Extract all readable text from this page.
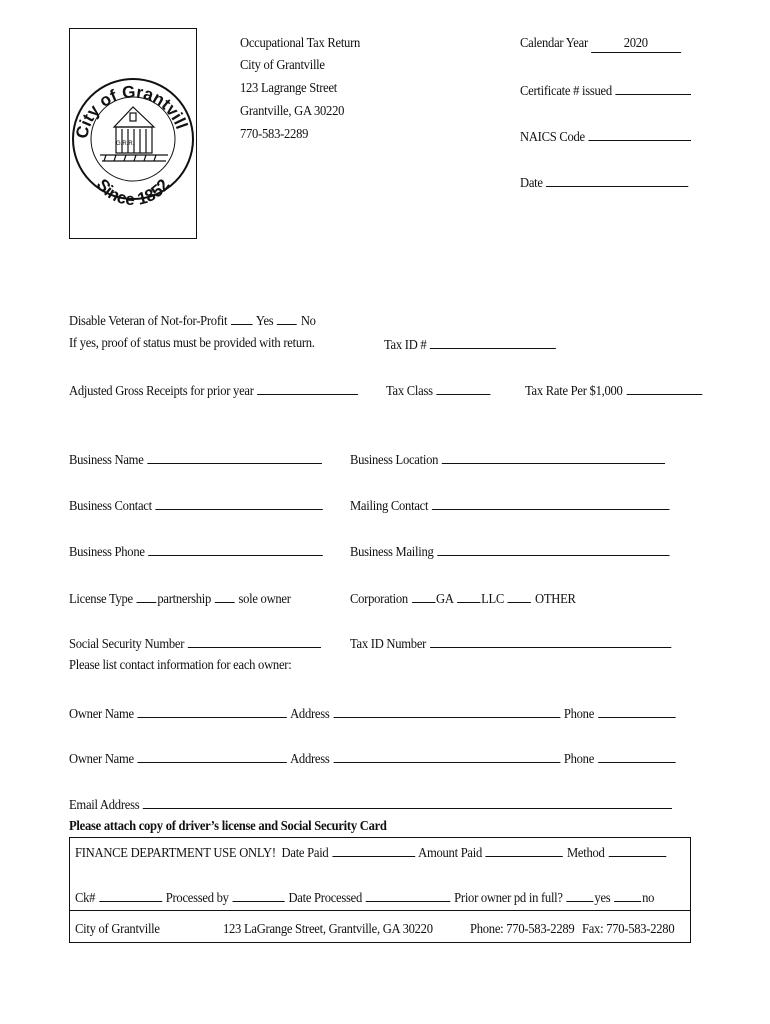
City of Grantvill
Since 1852
G.R.R.
Occupational Tax Return
City of Grantville
123 Lagrange Street
Grantville, GA 30220
770-583-2289
Calendar Year	2020
Certificate # issued
NAICS Code
Date
Disable Veteran of Not-for-Profit Yes No
If yes, proof of status must be provided with return.	Tax ID #
Adjusted Gross Receipts for prior year	Tax Class	Tax Rate Per $1,000
Business Name	Business Location
Business Contact	Mailing Contact
Business Phone	Business Mailing
License Type partnership sole owner	Corporation GA LLC OTHER
Social Security Number	Tax ID Number
Please list contact information for each owner:
Owner Name	Address	Phone
Owner Name	Address	Phone
Email Address
Please attach copy of driver’s license and Social Security Card
FINANCE DEPARTMENT USE ONLY! Date Paid	Amount Paid	Method
Ck#	Processed by	Date Processed	Prior owner pd in full? yes no
City of Grantville	123 LaGrange Street, Grantville, GA 30220	Phone: 770-583-2289 Fax: 770-583-2280
